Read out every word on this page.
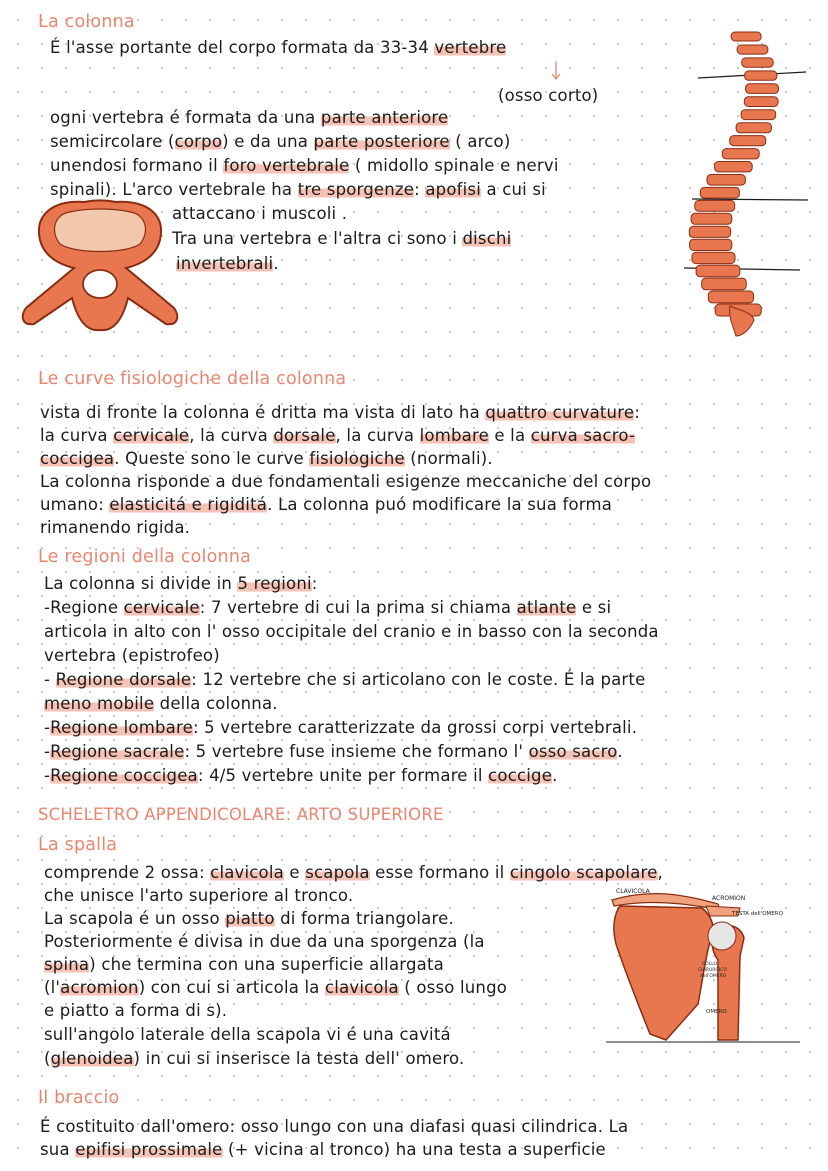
La colonna

É l'asse portante del corpo formata da 33-34 vertebre

(osso corto)

ogni vertebra é formata da una parte anteriore

semicircolare (corpo) e da una parte posteriore ( arco)

unendosi formano il foro vertebrale ( midollo spinale e nervi

spinali). L'arco vertebrale ha tre sporgenze: apofisi a cui si

attaccano i muscoli .

Tra una vertebra e l'altra ci sono i dischi

invertebrali.

Le curve fisiologiche della colonna

vista di fronte la colonna é dritta ma vista di lato ha quattro curvature:

la curva cervicale, la curva dorsale, la curva lombare e la curva sacro-

coccigea. Queste sono le curve fisiologiche (normali).

La colonna risponde a due fondamentali esigenze meccaniche del corpo

umano: elasticitá e rigiditá. La colonna puó modificare la sua forma

rimanendo rigida.

Le regioni della colonna

La colonna si divide in 5 regioni:

-Regione cervicale: 7 vertebre di cui la prima si chiama atlante e si

articola in alto con l' osso occipitale del cranio e in basso con la seconda

vertebra (epistrofeo)

- Regione dorsale: 12 vertebre che si articolano con le coste. É la parte

meno mobile della colonna.

-Regione lombare: 5 vertebre caratterizzate da grossi corpi vertebrali.

-Regione sacrale: 5 vertebre fuse insieme che formano l' osso sacro.

-Regione coccigea: 4/5 vertebre unite per formare il coccige.

SCHELETRO APPENDICOLARE: ARTO SUPERIORE
La spalla

comprende 2 ossa: clavicola e scapola esse formano il cingolo scapolare,

che unisce l'arto superiore al tronco.

La scapola é un osso piatto di forma triangolare.

Posteriormente é divisa in due da una sporgenza (la

spina) che termina con una superficie allargata

(l'acromion) con cui si articola la clavicola ( osso lungo

e piatto a forma di s).

sull'angolo laterale della scapola vi é una cavitá

(glenoidea) in cui si inserisce la testa dell' omero.

CLAVICOLA
ACROMION
TESTA dell'OMERO
COLLO
CHIRURGICO
dell'OMERO
OMERO
Il braccio

É costituito dall'omero: osso lungo con una diafasi quasi cilindrica. La

sua epifisi prossimale (+ vicina al tronco) ha una testa a superficie
